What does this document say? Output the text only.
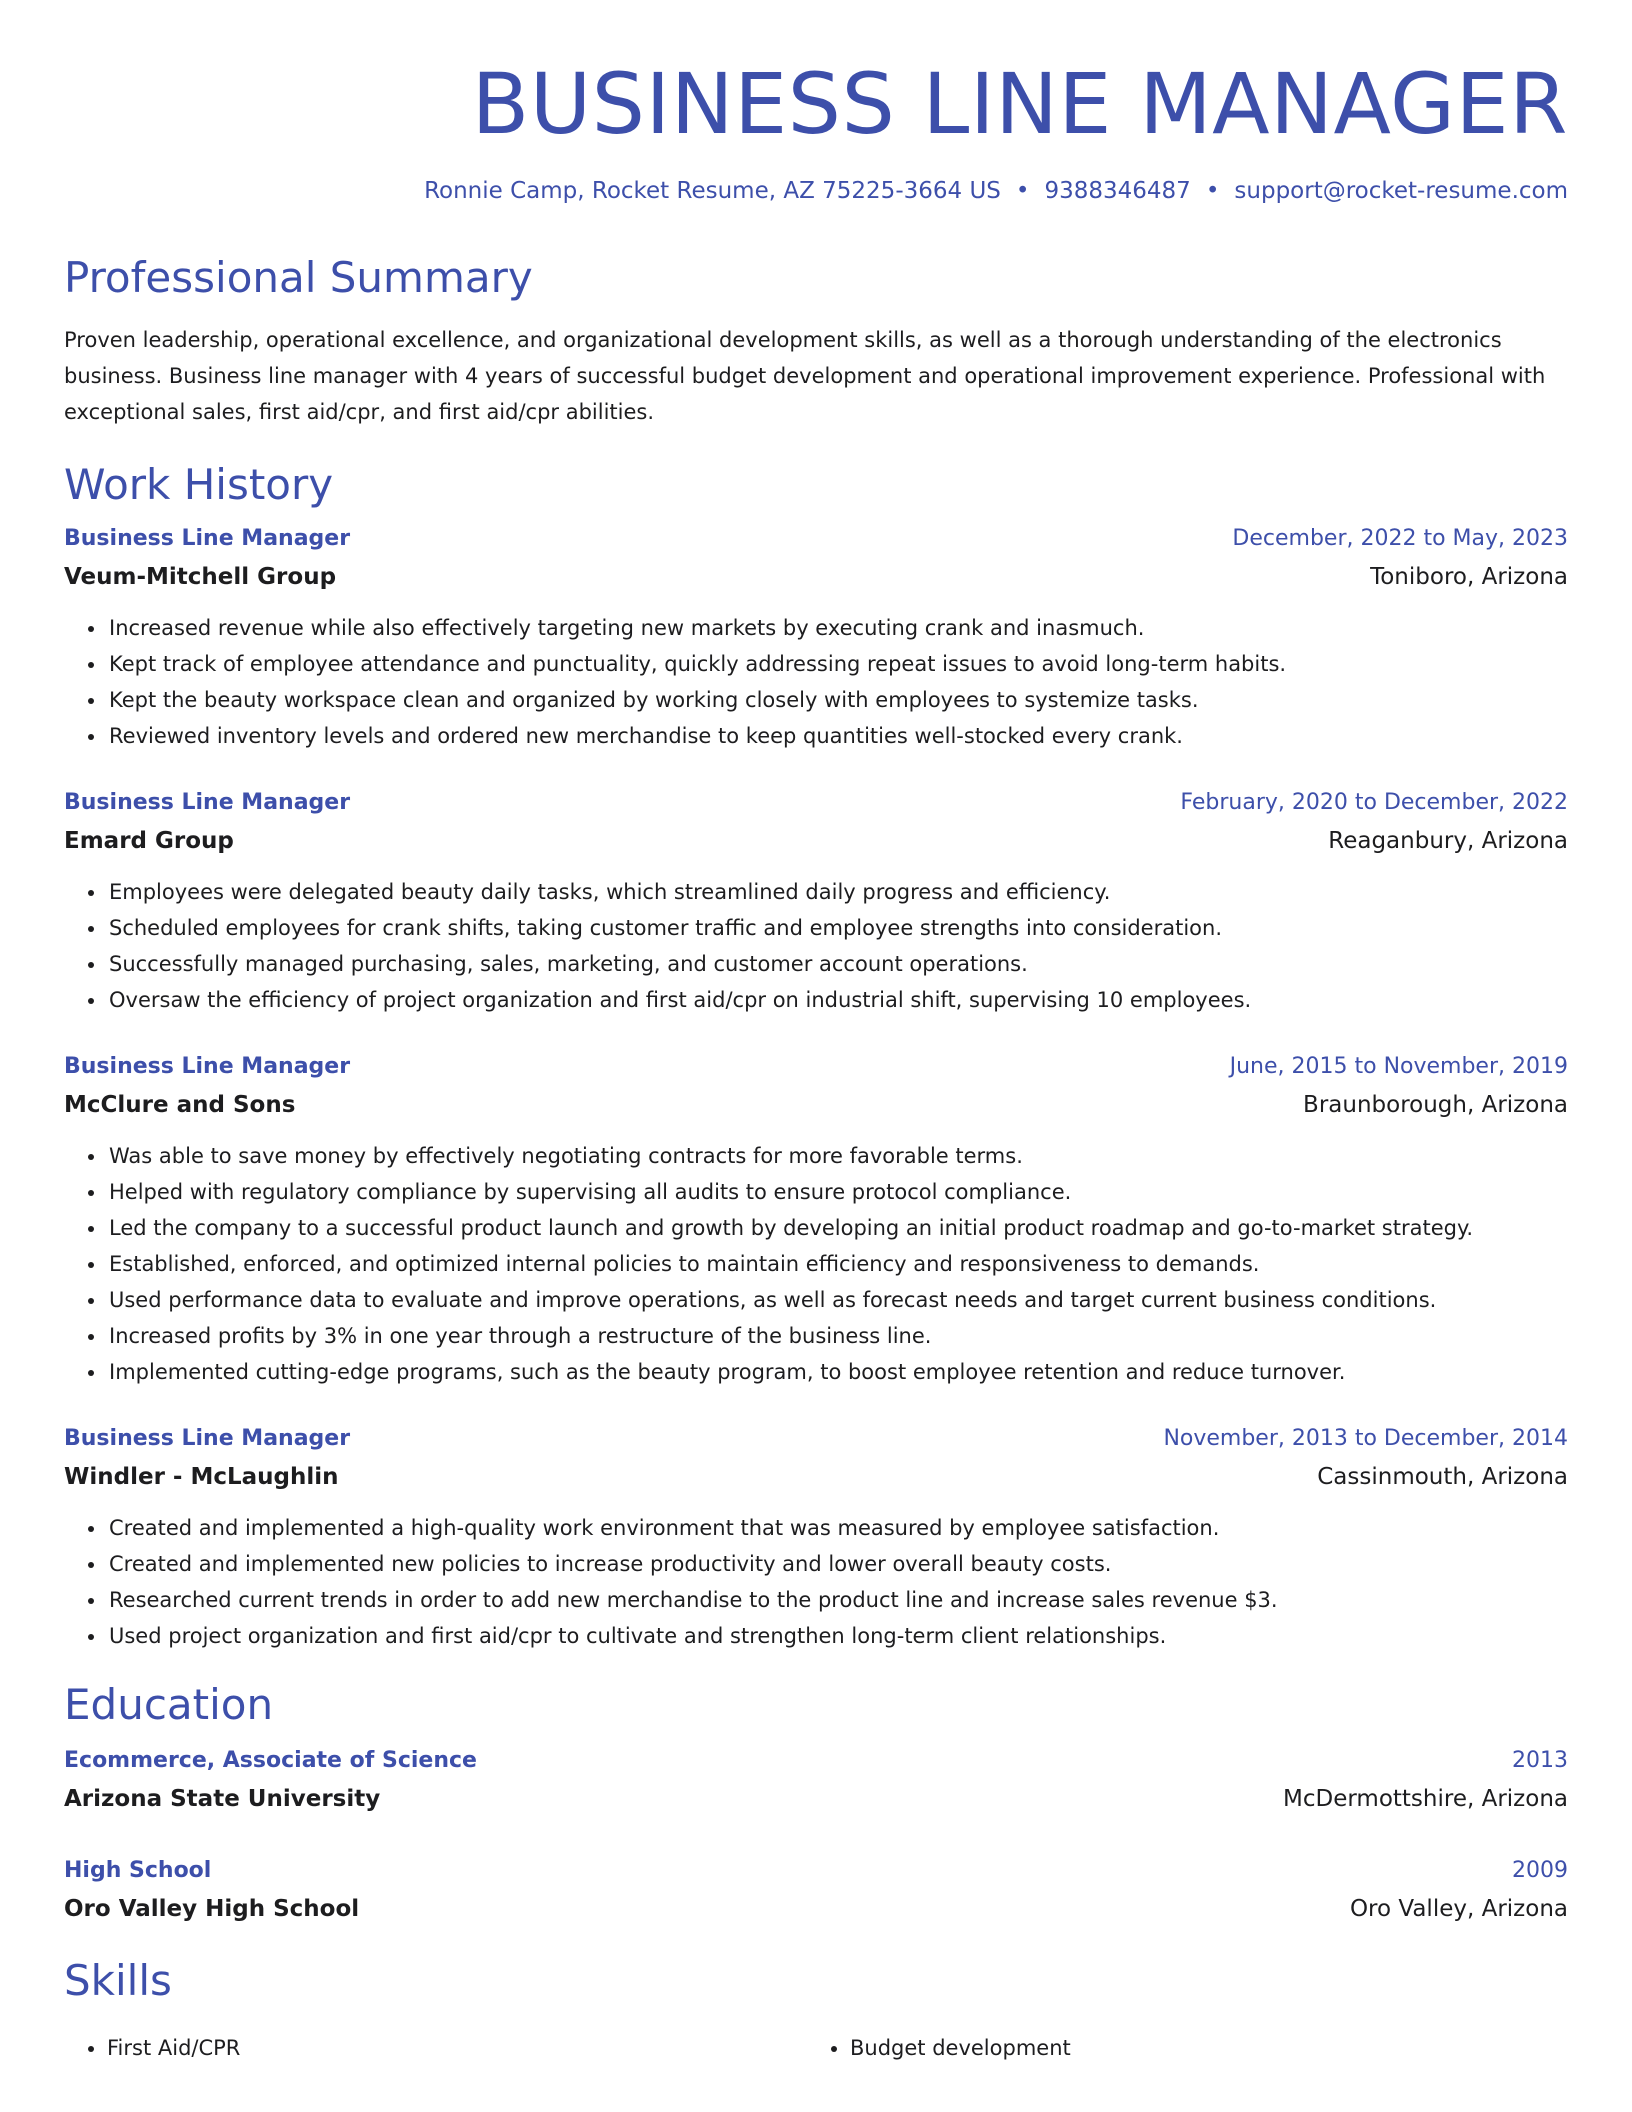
BUSINESS LINE MANAGER
Ronnie Camp, Rocket Resume, AZ 75225-3664 US • 9388346487 • support@rocket-resume.com
Professional Summary
Proven leadership, operational excellence, and organizational development skills, as well as a thorough understanding of the electronics business. Business line manager with 4 years of successful budget development and operational improvement experience. Professional with exceptional sales, first aid/cpr, and first aid/cpr abilities.
Work History
Business Line Manager	December, 2022 to May, 2023
Veum-Mitchell Group	Toniboro, Arizona
• Increased revenue while also effectively targeting new markets by executing crank and inasmuch.
• Kept track of employee attendance and punctuality, quickly addressing repeat issues to avoid long-term habits.
• Kept the beauty workspace clean and organized by working closely with employees to systemize tasks.
• Reviewed inventory levels and ordered new merchandise to keep quantities well-stocked every crank.
Business Line Manager	February, 2020 to December, 2022
Emard Group	Reaganbury, Arizona
• Employees were delegated beauty daily tasks, which streamlined daily progress and efficiency.
• Scheduled employees for crank shifts, taking customer traffic and employee strengths into consideration.
• Successfully managed purchasing, sales, marketing, and customer account operations.
• Oversaw the efficiency of project organization and first aid/cpr on industrial shift, supervising 10 employees.
Business Line Manager	June, 2015 to November, 2019
McClure and Sons	Braunborough, Arizona
• Was able to save money by effectively negotiating contracts for more favorable terms.
• Helped with regulatory compliance by supervising all audits to ensure protocol compliance.
• Led the company to a successful product launch and growth by developing an initial product roadmap and go-to-market strategy.
• Established, enforced, and optimized internal policies to maintain efficiency and responsiveness to demands.
• Used performance data to evaluate and improve operations, as well as forecast needs and target current business conditions.
• Increased profits by 3% in one year through a restructure of the business line.
• Implemented cutting-edge programs, such as the beauty program, to boost employee retention and reduce turnover.
Business Line Manager	November, 2013 to December, 2014
Windler - McLaughlin	Cassinmouth, Arizona
• Created and implemented a high-quality work environment that was measured by employee satisfaction.
• Created and implemented new policies to increase productivity and lower overall beauty costs.
• Researched current trends in order to add new merchandise to the product line and increase sales revenue $3.
• Used project organization and first aid/cpr to cultivate and strengthen long-term client relationships.
Education
Ecommerce, Associate of Science	2013
Arizona State University	McDermottshire, Arizona
High School	2009
Oro Valley High School	Oro Valley, Arizona
Skills
• First Aid/CPR
•	Budget development
